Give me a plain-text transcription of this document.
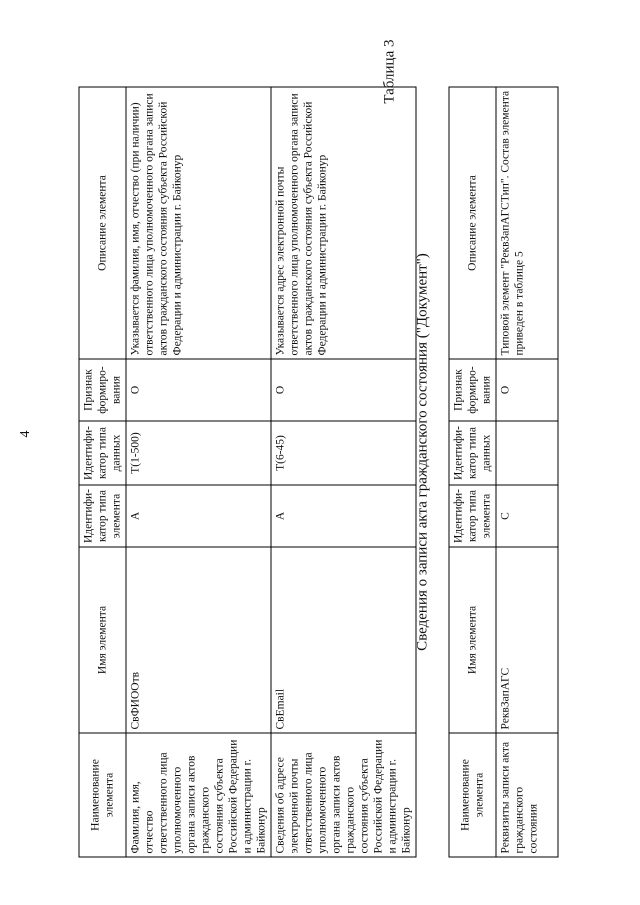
4
Наименование элемента	Имя элемента	Идентифи-катор типа элемента	Идентифи-катор типа данных	Признак формиро-вания	Описание элемента
Фамилия, имя, отчество ответственного лица уполномоченного органа записи актов гражданского состояния субъекта Российской Федерации и администрации г. Байконур	СвФИООтв	А	Т(1-500)	О	Указывается фамилия, имя, отчество (при наличии) ответственного лица уполномоченного органа записи актов гражданского состояния субъекта Российской Федерации и администрации г. Байконур
Сведения об адресе электронной почты ответственного лица уполномоченного органа записи актов гражданского состояния субъекта Российской Федерации и администрации г. Байконур	СвEmail	А	Т(6-45)	О	Указывается адрес электронной почты ответственного лица уполномоченного органа записи актов гражданского состояния субъекта Российской Федерации и администрации г. Байконур
Таблица 3
Сведения о записи акта гражданского состояния ("Документ")
Наименование элемента	Имя элемента	Идентифи-катор типа элемента	Идентифи-катор типа данных	Признак формиро-вания	Описание элемента
Реквизиты записи акта гражданского состояния	РеквЗапАГС	С		О	Типовой элемент "РеквЗапАГСТип". Состав элемента приведен в таблице 5
